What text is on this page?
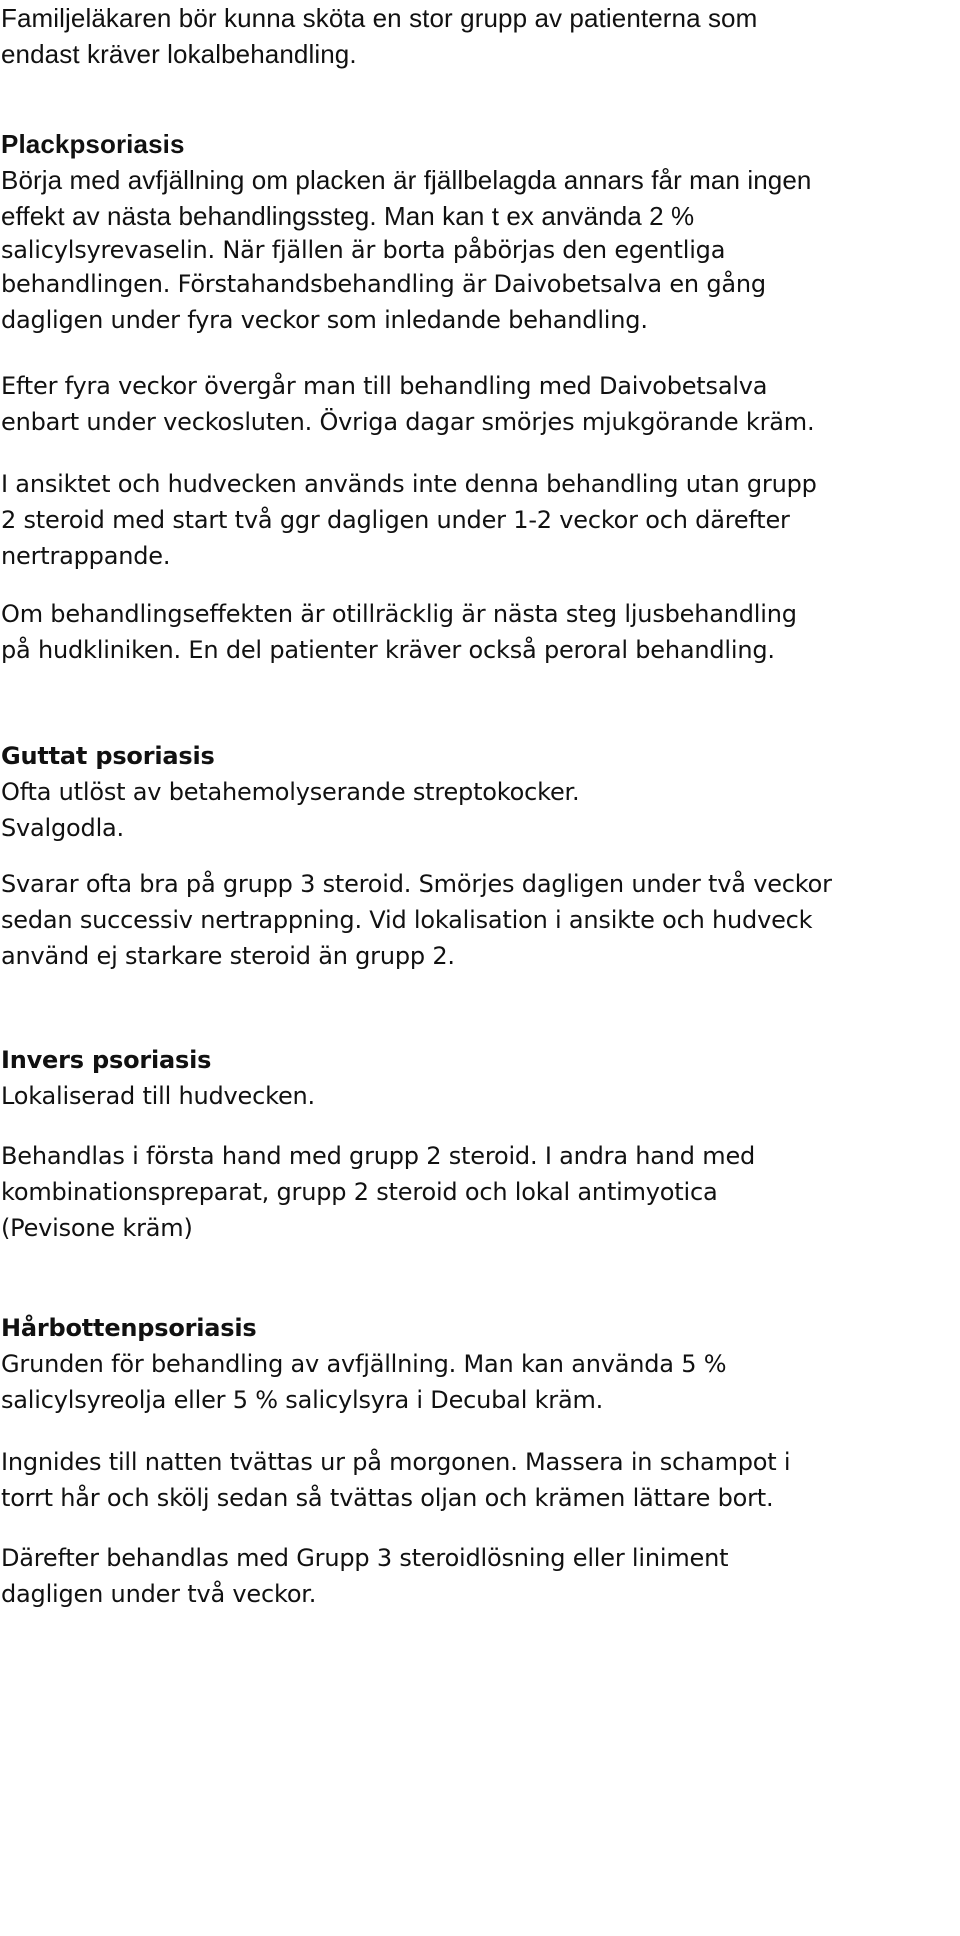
Familjeläkaren bör kunna sköta en stor grupp av patienterna som
endast kräver lokalbehandling.
Plackpsoriasis
Börja med avfjällning om placken är fjällbelagda annars får man ingen
effekt av nästa behandlingssteg. Man kan t ex använda 2 %
salicylsyrevaselin. När fjällen är borta påbörjas den egentliga
behandlingen. Förstahandsbehandling är Daivobetsalva en gång
dagligen under fyra veckor som inledande behandling.
Efter fyra veckor övergår man till behandling med Daivobetsalva
enbart under veckosluten. Övriga dagar smörjes mjukgörande kräm.
I ansiktet och hudvecken används inte denna behandling utan grupp
2 steroid med start två ggr dagligen under 1-2 veckor och därefter
nertrappande.
Om behandlingseffekten är otillräcklig är nästa steg ljusbehandling
på hudkliniken. En del patienter kräver också peroral behandling.
Guttat psoriasis
Ofta utlöst av betahemolyserande streptokocker.
Svalgodla.
Svarar ofta bra på grupp 3 steroid. Smörjes dagligen under två veckor
sedan successiv nertrappning. Vid lokalisation i ansikte och hudveck
använd ej starkare steroid än grupp 2.
Invers psoriasis
Lokaliserad till hudvecken.
Behandlas i första hand med grupp 2 steroid. I andra hand med
kombinationspreparat, grupp 2 steroid och lokal antimyotica
(Pevisone kräm)
Hårbottenpsoriasis
Grunden för behandling av avfjällning. Man kan använda 5 %
salicylsyreolja eller 5 % salicylsyra i Decubal kräm.
Ingnides till natten tvättas ur på morgonen. Massera in schampot i
torrt hår och skölj sedan så tvättas oljan och krämen lättare bort.
Därefter behandlas med Grupp 3 steroidlösning eller liniment
dagligen under två veckor.
